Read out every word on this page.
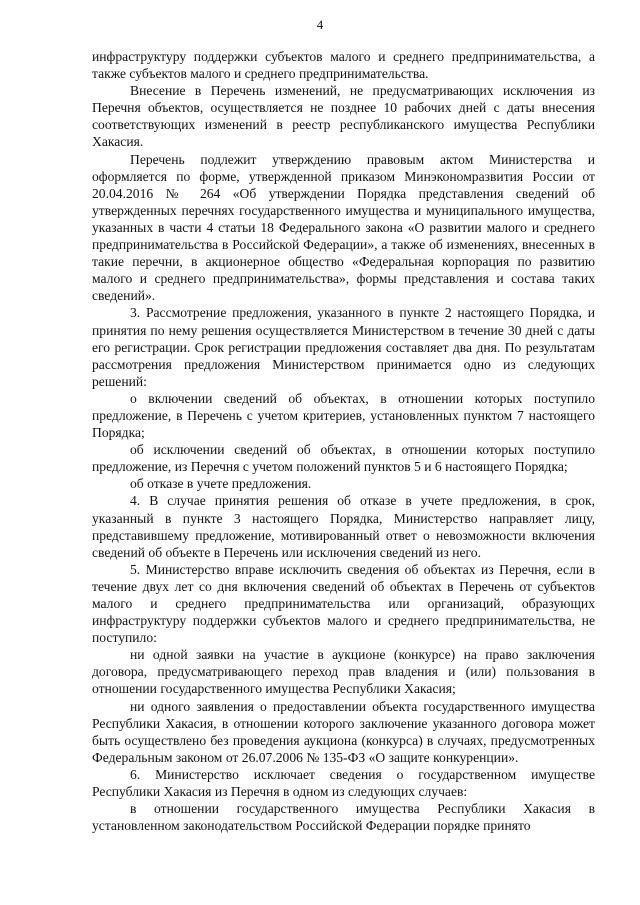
4

инфраструктуру поддержки субъектов малого и среднего предпринимательства, а также субъектов малого и среднего предпринимательства.

Внесение в Перечень изменений, не предусматривающих исключения из Перечня объектов, осуществляется не позднее 10 рабочих дней с даты внесения соответствующих изменений в реестр республиканского имущества Республики Хакасия.

Перечень подлежит утверждению правовым актом Министерства и оформляется по форме, утвержденной приказом Минэкономразвития России от 20.04.2016 № 264 «Об утверждении Порядка представления сведений об утвержденных перечнях государственного имущества и муниципального имущества, указанных в части 4 статьи 18 Федерального закона «О развитии малого и среднего предпринимательства в Российской Федерации», а также об изменениях, внесенных в такие перечни, в акционерное общество «Федеральная корпорация по развитию малого и среднего предпринимательства», формы представления и состава таких сведений».

3. Рассмотрение предложения, указанного в пункте 2 настоящего Порядка, и принятия по нему решения осуществляется Министерством в течение 30 дней с даты его регистрации. Срок регистрации предложения составляет два дня. По результатам рассмотрения предложения Министерством принимается одно из следующих решений:

о включении сведений об объектах, в отношении которых поступило предложение, в Перечень с учетом критериев, установленных пунктом 7 настоящего Порядка;

об исключении сведений об объектах, в отношении которых поступило предложение, из Перечня с учетом положений пунктов 5 и 6 настоящего Порядка;

об отказе в учете предложения.

4. В случае принятия решения об отказе в учете предложения, в срок, указанный в пункте 3 настоящего Порядка, Министерство направляет лицу, представившему предложение, мотивированный ответ о невозможности включения сведений об объекте в Перечень или исключения сведений из него.

5. Министерство вправе исключить сведения об объектах из Перечня, если в течение двух лет со дня включения сведений об объектах в Перечень от субъектов малого и среднего предпринимательства или организаций, образующих инфраструктуру поддержки субъектов малого и среднего предпринимательства, не поступило:

ни одной заявки на участие в аукционе (конкурсе) на право заключения договора, предусматривающего переход прав владения и (или) пользования в отношении государственного имущества Республики Хакасия;

ни одного заявления о предоставлении объекта государственного имущества Республики Хакасия, в отношении которого заключение указанного договора может быть осуществлено без проведения аукциона (конкурса) в случаях, предусмотренных Федеральным законом от 26.07.2006 № 135-ФЗ «О защите конкуренции».

6. Министерство исключает сведения о государственном имуществе Республики Хакасия из Перечня в одном из следующих случаев:

в отношении государственного имущества Республики Хакасия в установленном законодательством Российской Федерации порядке принято
